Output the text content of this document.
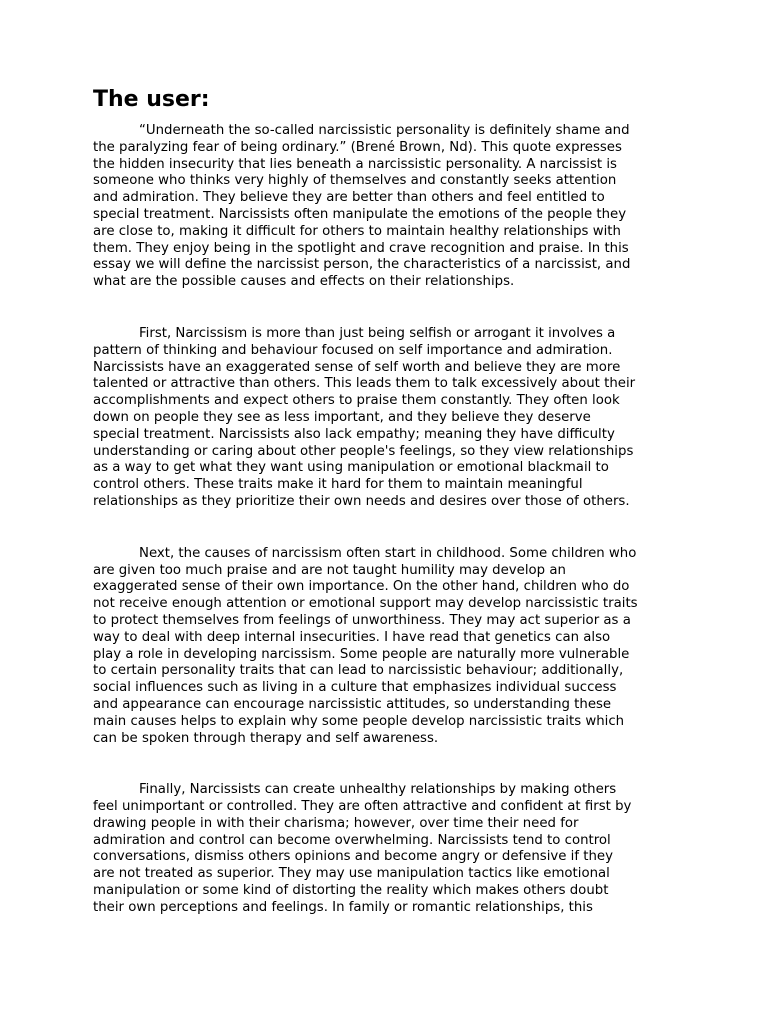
The user:

“Underneath the so-called narcissistic personality is definitely shame and
the paralyzing fear of being ordinary.” (Brené Brown, Nd). This quote expresses
the hidden insecurity that lies beneath a narcissistic personality. A narcissist is
someone who thinks very highly of themselves and constantly seeks attention
and admiration. They believe they are better than others and feel entitled to
special treatment. Narcissists often manipulate the emotions of the people they
are close to, making it difficult for others to maintain healthy relationships with
them. They enjoy being in the spotlight and crave recognition and praise. In this
essay we will define the narcissist person, the characteristics of a narcissist, and
what are the possible causes and effects on their relationships.

First, Narcissism is more than just being selfish or arrogant it involves a
pattern of thinking and behaviour focused on self importance and admiration.
Narcissists have an exaggerated sense of self worth and believe they are more
talented or attractive than others. This leads them to talk excessively about their
accomplishments and expect others to praise them constantly. They often look
down on people they see as less important, and they believe they deserve
special treatment. Narcissists also lack empathy; meaning they have difficulty
understanding or caring about other people's feelings, so they view relationships
as a way to get what they want using manipulation or emotional blackmail to
control others. These traits make it hard for them to maintain meaningful
relationships as they prioritize their own needs and desires over those of others.

Next, the causes of narcissism often start in childhood. Some children who
are given too much praise and are not taught humility may develop an
exaggerated sense of their own importance. On the other hand, children who do
not receive enough attention or emotional support may develop narcissistic traits
to protect themselves from feelings of unworthiness. They may act superior as a
way to deal with deep internal insecurities. I have read that genetics can also
play a role in developing narcissism. Some people are naturally more vulnerable
to certain personality traits that can lead to narcissistic behaviour; additionally,
social influences such as living in a culture that emphasizes individual success
and appearance can encourage narcissistic attitudes, so understanding these
main causes helps to explain why some people develop narcissistic traits which
can be spoken through therapy and self awareness.

Finally, Narcissists can create unhealthy relationships by making others
feel unimportant or controlled. They are often attractive and confident at first by
drawing people in with their charisma; however, over time their need for
admiration and control can become overwhelming. Narcissists tend to control
conversations, dismiss others opinions and become angry or defensive if they
are not treated as superior. They may use manipulation tactics like emotional
manipulation or some kind of distorting the reality which makes others doubt
their own perceptions and feelings. In family or romantic relationships, this
